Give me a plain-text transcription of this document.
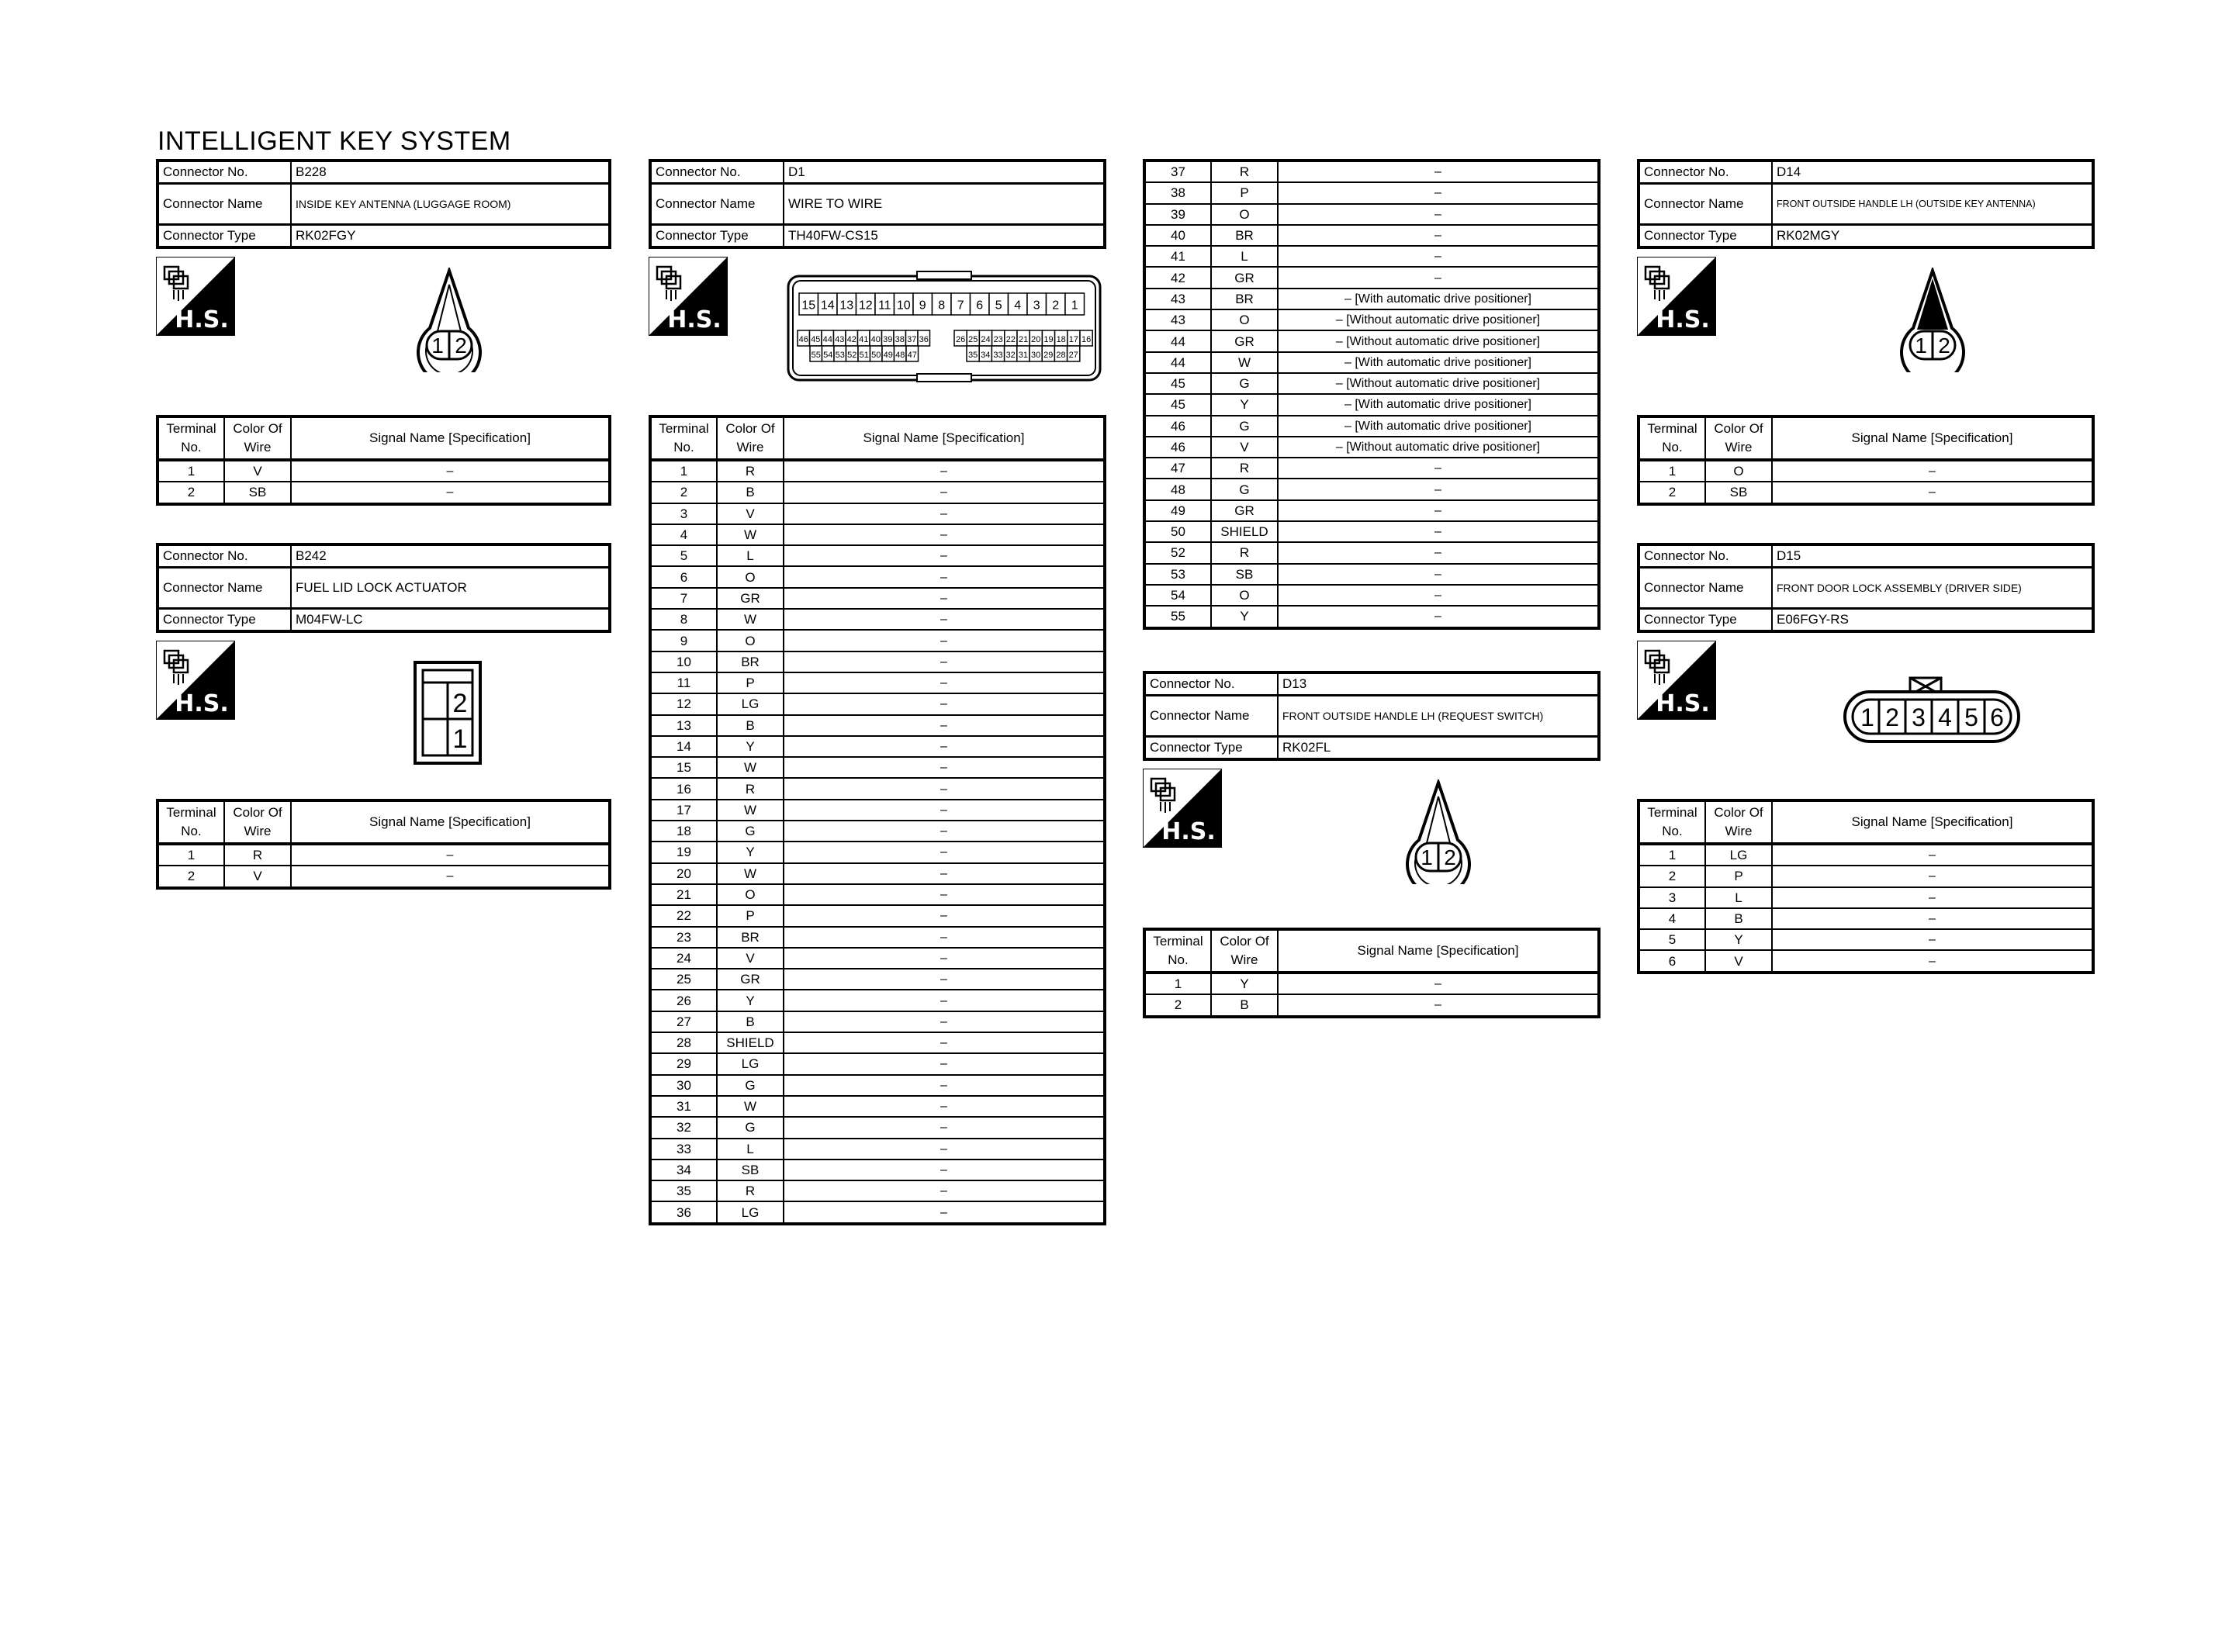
INTELLIGENT KEY SYSTEM
Connector No.	B228
Connector Name	INSIDE KEY ANTENNA (LUGGAGE ROOM)
Connector Type	RK02FGY
H.S.
1 2
Terminal
No.	Color Of
Wire	Signal Name [Specification]
1	V	–
2	SB	–
Connector No.	B242
Connector Name	FUEL LID LOCK ACTUATOR
Connector Type	M04FW-LC
H.S.	2
1
Terminal
No.	Color Of
Wire	Signal Name [Specification]
1	R	–
2	V	–
Connector No.	D1
Connector Name	WIRE TO WIRE
Connector Type	TH40FW-CS15
H.S.
15 14 13 12 11 10 9 8 7 6 5 4 3 2 1
46 45 44 43 42 41 40 39 38 37 36
55 54 53 52 51 50 49 48 47
26 25 24 23 22 21 20 19 18 17 16
35 34 33 32 31 30 29 28 27
Terminal
No.	Color Of
Wire	Signal Name [Specification]
1	R	–
2	B	–
3	V	–
4	W	–
5	L	–
6	O	–
7	GR	–
8	W	–
9	O	–
10	BR	–
11	P	–
12	LG	–
13	B	–
14	Y	–
15	W	–
16	R	–
17	W	–
18	G	–
19	Y	–
20	W	–
21	O	–
22	P	–
23	BR	–
24	V	–
25	GR	–
26	Y	–
27	B	–
28	SHIELD	–
29	LG	–
30	G	–
31	W	–
32	G	–
33	L	–
34	SB	–
35	R	–
36	LG	–
37	R	–
38	P	–
39	O	–
40	BR	–
41	L	–
42	GR	–
43	BR	– [With automatic drive positioner]
43	O	– [Without automatic drive positioner]
44	GR	– [Without automatic drive positioner]
44	W	– [With automatic drive positioner]
45	G	– [Without automatic drive positioner]
45	Y	– [With automatic drive positioner]
46	G	– [With automatic drive positioner]
46	V	– [Without automatic drive positioner]
47	R	–
48	G	–
49	GR	–
50	SHIELD	–
52	R	–
53	SB	–
54	O	–
55	Y	–
Connector No.	D13
Connector Name	FRONT OUTSIDE HANDLE LH (REQUEST SWITCH)
Connector Type	RK02FL
H.S.
1 2
Terminal
No.	Color Of
Wire	Signal Name [Specification]
1	Y	–
2	B	–
Connector No.	D14
Connector Name	FRONT OUTSIDE HANDLE LH (OUTSIDE KEY ANTENNA)
Connector Type	RK02MGY
H.S.
1 2
Terminal
No.	Color Of
Wire	Signal Name [Specification]
1	O	–
2	SB	–
Connector No.	D15
Connector Name	FRONT DOOR LOCK ASSEMBLY (DRIVER SIDE)
Connector Type	E06FGY-RS
H.S.	1 2 3 4 5 6
Terminal
No.	Color Of
Wire	Signal Name [Specification]
1	LG	–
2	P	–
3	L	–
4	B	–
5	Y	–
6	V	–
